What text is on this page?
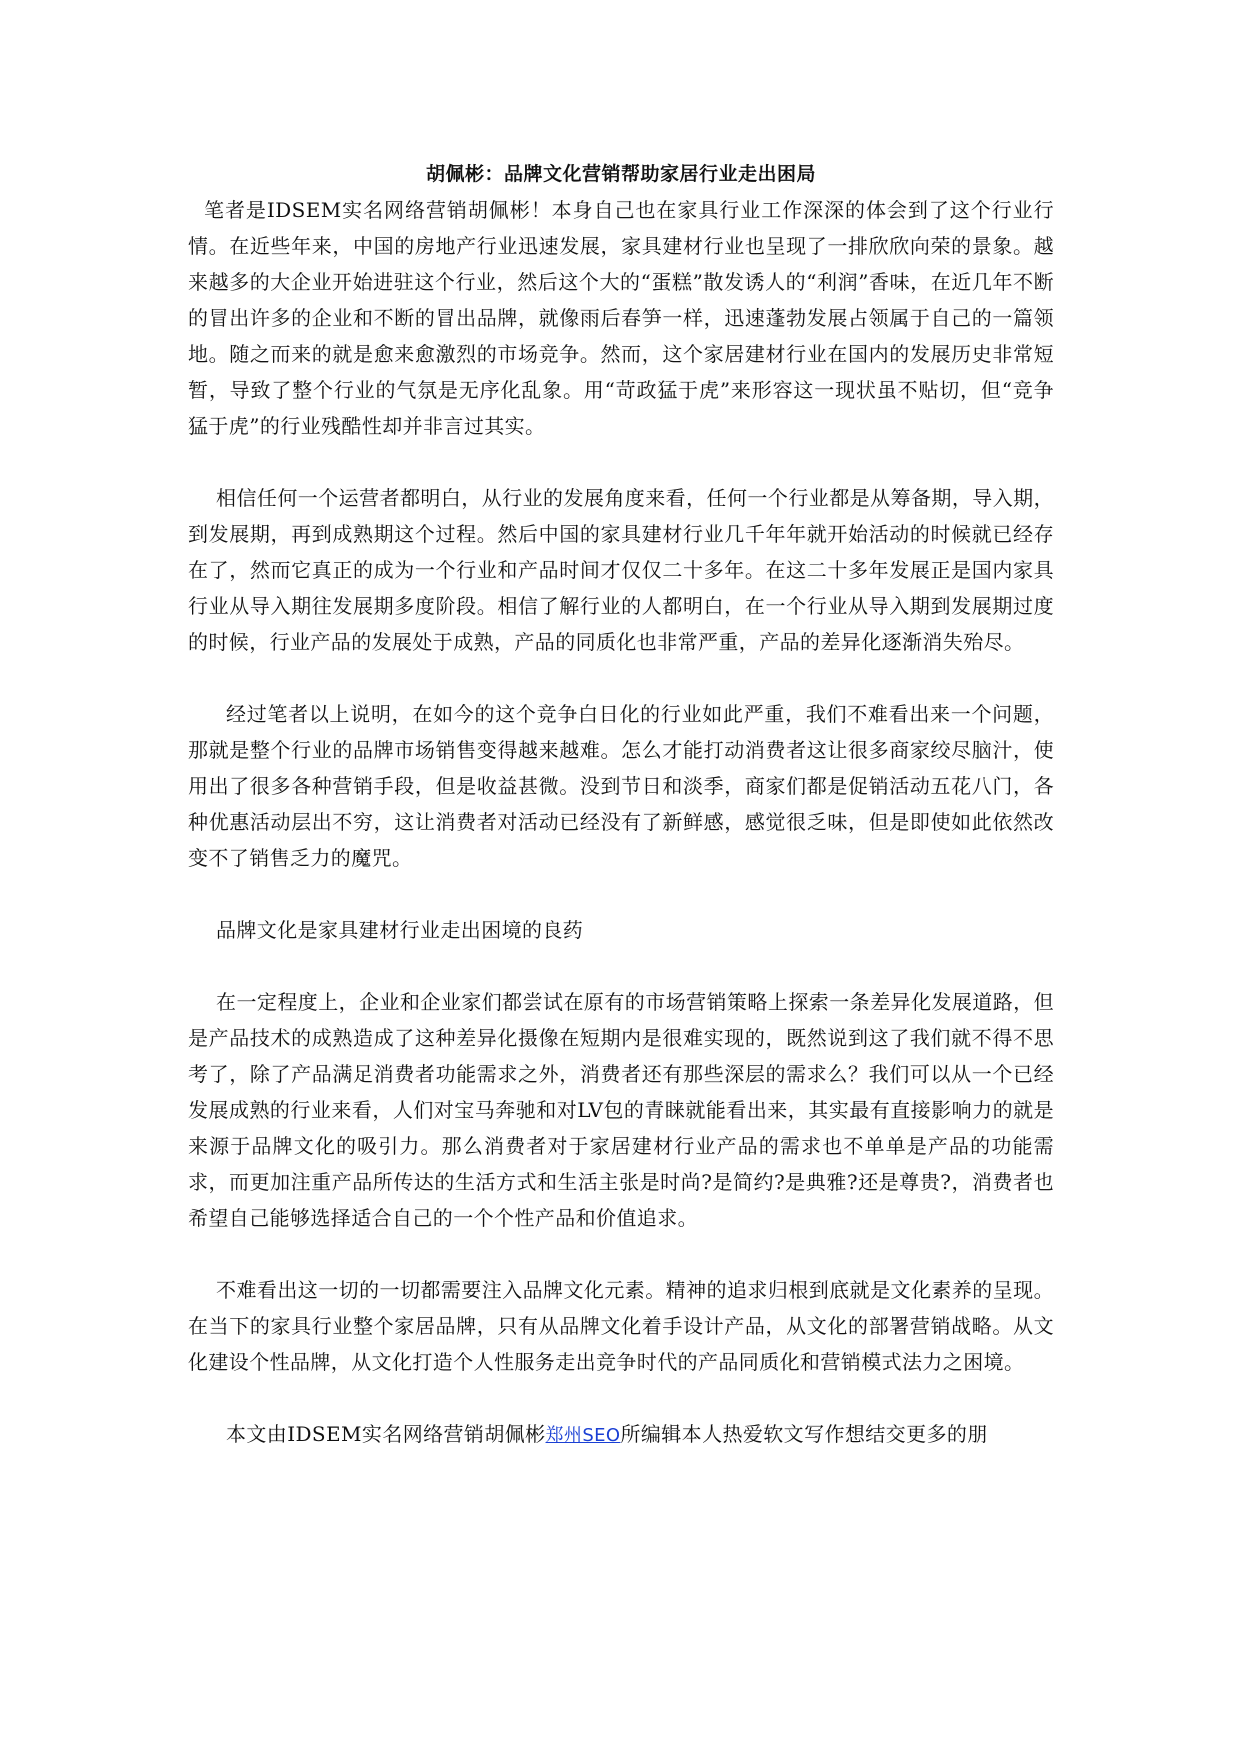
胡佩彬：品牌文化营销帮助家居行业走出困局

笔者是IDSEM实名网络营销胡佩彬！本身自己也在家具行业工作深深的体会到了这个行业行情。在近些年来，中国的房地产行业迅速发展，家具建材行业也呈现了一排欣欣向荣的景象。越来越多的大企业开始进驻这个行业，然后这个大的“蛋糕”散发诱人的“利润”香味，在近几年不断的冒出许多的企业和不断的冒出品牌，就像雨后春笋一样，迅速蓬勃发展占领属于自己的一篇领地。随之而来的就是愈来愈激烈的市场竞争。然而，这个家居建材行业在国内的发展历史非常短暂，导致了整个行业的气氛是无序化乱象。用“苛政猛于虎”来形容这一现状虽不贴切，但“竞争猛于虎”的行业残酷性却并非言过其实。

相信任何一个运营者都明白，从行业的发展角度来看，任何一个行业都是从筹备期，导入期，到发展期，再到成熟期这个过程。然后中国的家具建材行业几千年年就开始活动的时候就已经存在了，然而它真正的成为一个行业和产品时间才仅仅二十多年。在这二十多年发展正是国内家具行业从导入期往发展期多度阶段。相信了解行业的人都明白，在一个行业从导入期到发展期过度的时候，行业产品的发展处于成熟，产品的同质化也非常严重，产品的差异化逐渐消失殆尽。

经过笔者以上说明，在如今的这个竞争白日化的行业如此严重，我们不难看出来一个问题，那就是整个行业的品牌市场销售变得越来越难。怎么才能打动消费者这让很多商家绞尽脑汁，使用出了很多各种营销手段，但是收益甚微。没到节日和淡季，商家们都是促销活动五花八门，各种优惠活动层出不穷，这让消费者对活动已经没有了新鲜感，感觉很乏味，但是即使如此依然改变不了销售乏力的魔咒。

品牌文化是家具建材行业走出困境的良药

在一定程度上，企业和企业家们都尝试在原有的市场营销策略上探索一条差异化发展道路，但是产品技术的成熟造成了这种差异化摄像在短期内是很难实现的，既然说到这了我们就不得不思考了，除了产品满足消费者功能需求之外，消费者还有那些深层的需求么？我们可以从一个已经发展成熟的行业来看，人们对宝马奔驰和对LV包的青睐就能看出来，其实最有直接影响力的就是来源于品牌文化的吸引力。那么消费者对于家居建材行业产品的需求也不单单是产品的功能需求，而更加注重产品所传达的生活方式和生活主张是时尚?是简约?是典雅?还是尊贵?，消费者也希望自己能够选择适合自己的一个个性产品和价值追求。

不难看出这一切的一切都需要注入品牌文化元素。精神的追求归根到底就是文化素养的呈现。在当下的家具行业整个家居品牌，只有从品牌文化着手设计产品，从文化的部署营销战略。从文化建设个性品牌，从文化打造个人性服务走出竞争时代的产品同质化和营销模式法力之困境。

本文由IDSEM实名网络营销胡佩彬郑州SEO所编辑本人热爱软文写作想结交更多的朋
